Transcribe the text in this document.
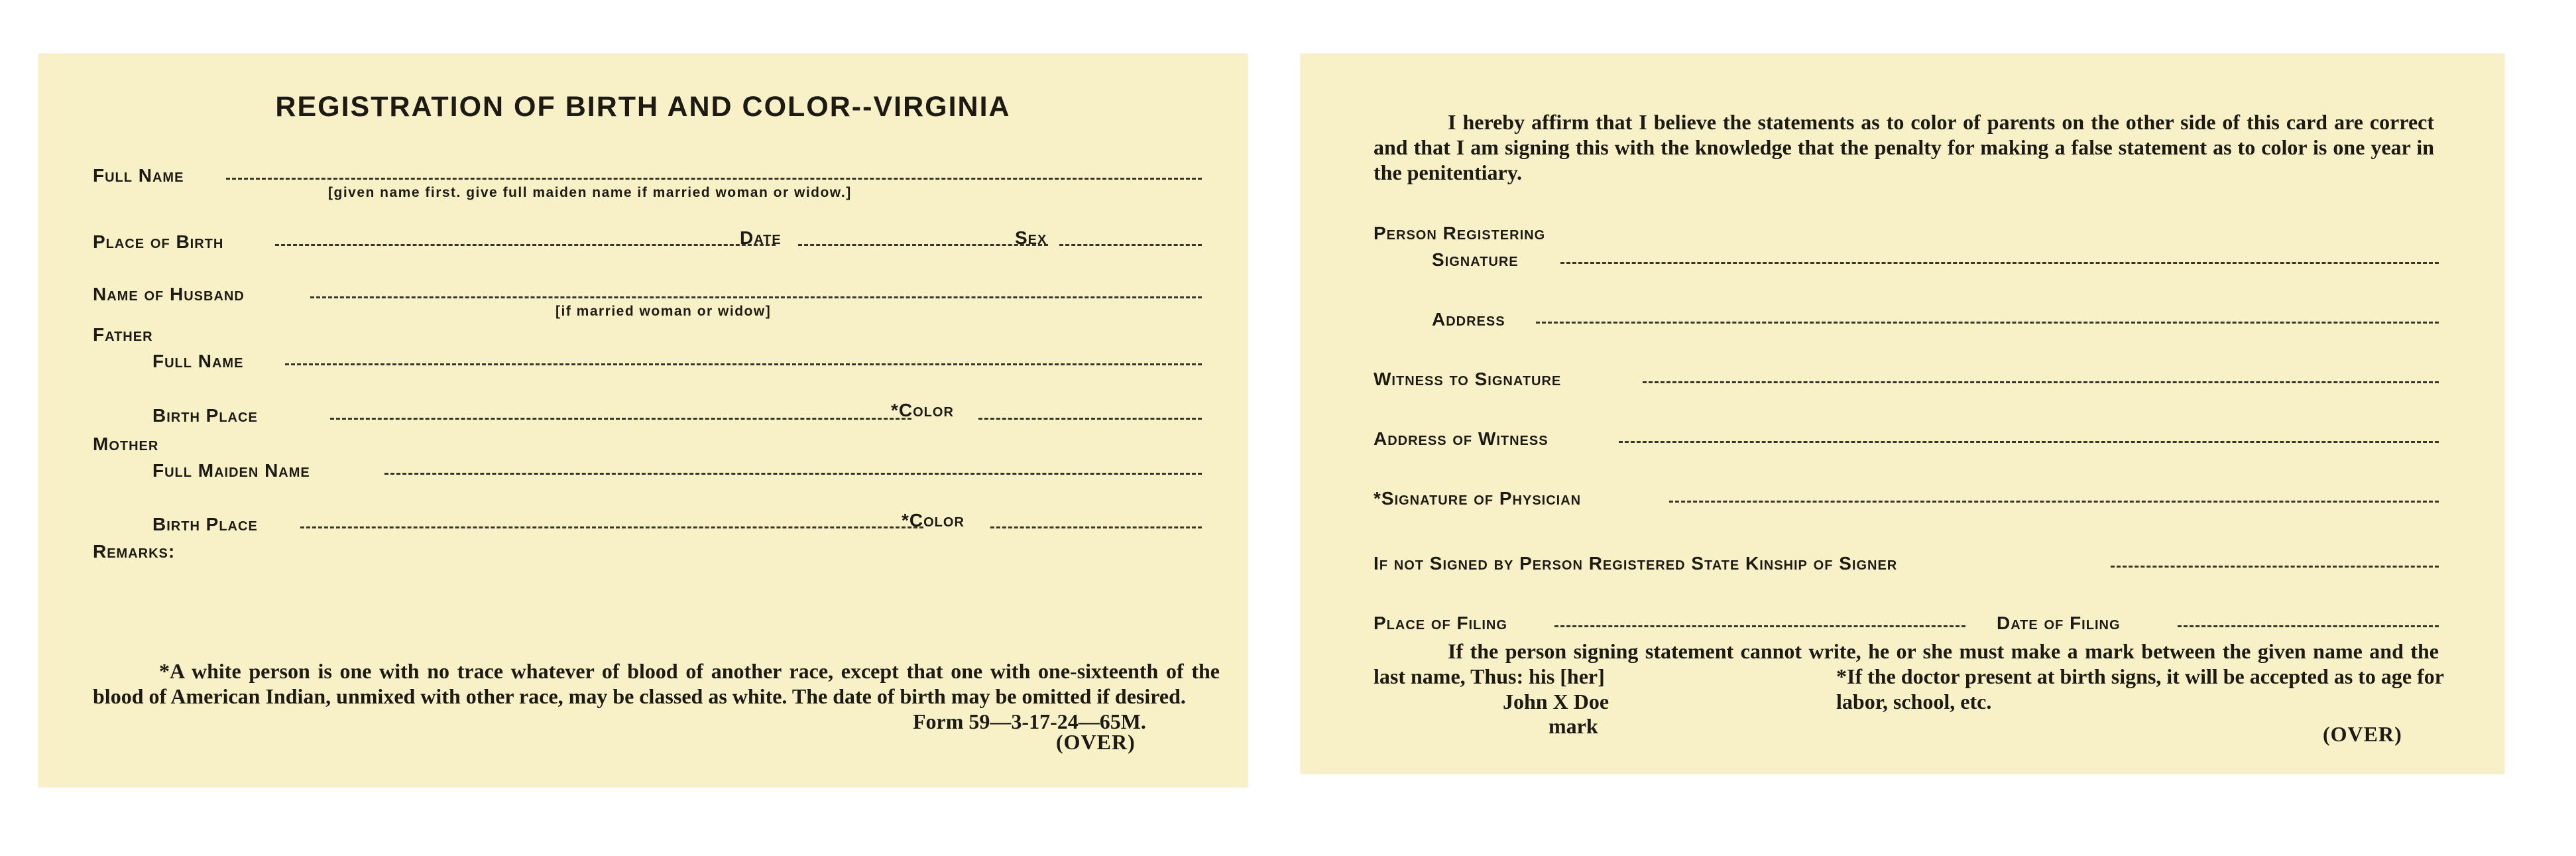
REGISTRATION OF BIRTH AND COLOR--VIRGINIA
Full Name
[given name first. give full maiden name if married woman or widow.]
Place of Birth	Date	Sex
Name of Husband
[if married woman or widow]
Father
Full Name
Birth Place	*Color
Mother
Full Maiden Name
Birth Place	*Color
Remarks:
*A white person is one with no trace whatever of blood of another race, except that one with one-sixteenth of the blood of American Indian, unmixed with other race, may be classed as white. The date of birth may be omitted if desired.
Form 59—3-17-24—65M.
(OVER)
I hereby affirm that I believe the statements as to color of parents on the other side of this card are correct and that I am signing this with the knowledge that the penalty for making a false statement as to color is one year in the penitentiary.
Person Registering
Signature
Address
Witness to Signature
Address of Witness
*Signature of Physician
If not Signed by Person Registered State Kinship of Signer
Place of Filing	Date of Filing
If the person signing statement cannot write, he or she must make a mark between the given name and the last name, Thus: his [her]
John X Doe
mark
*If the doctor present at birth signs, it will be accepted as to age for labor, school, etc.
(OVER)
